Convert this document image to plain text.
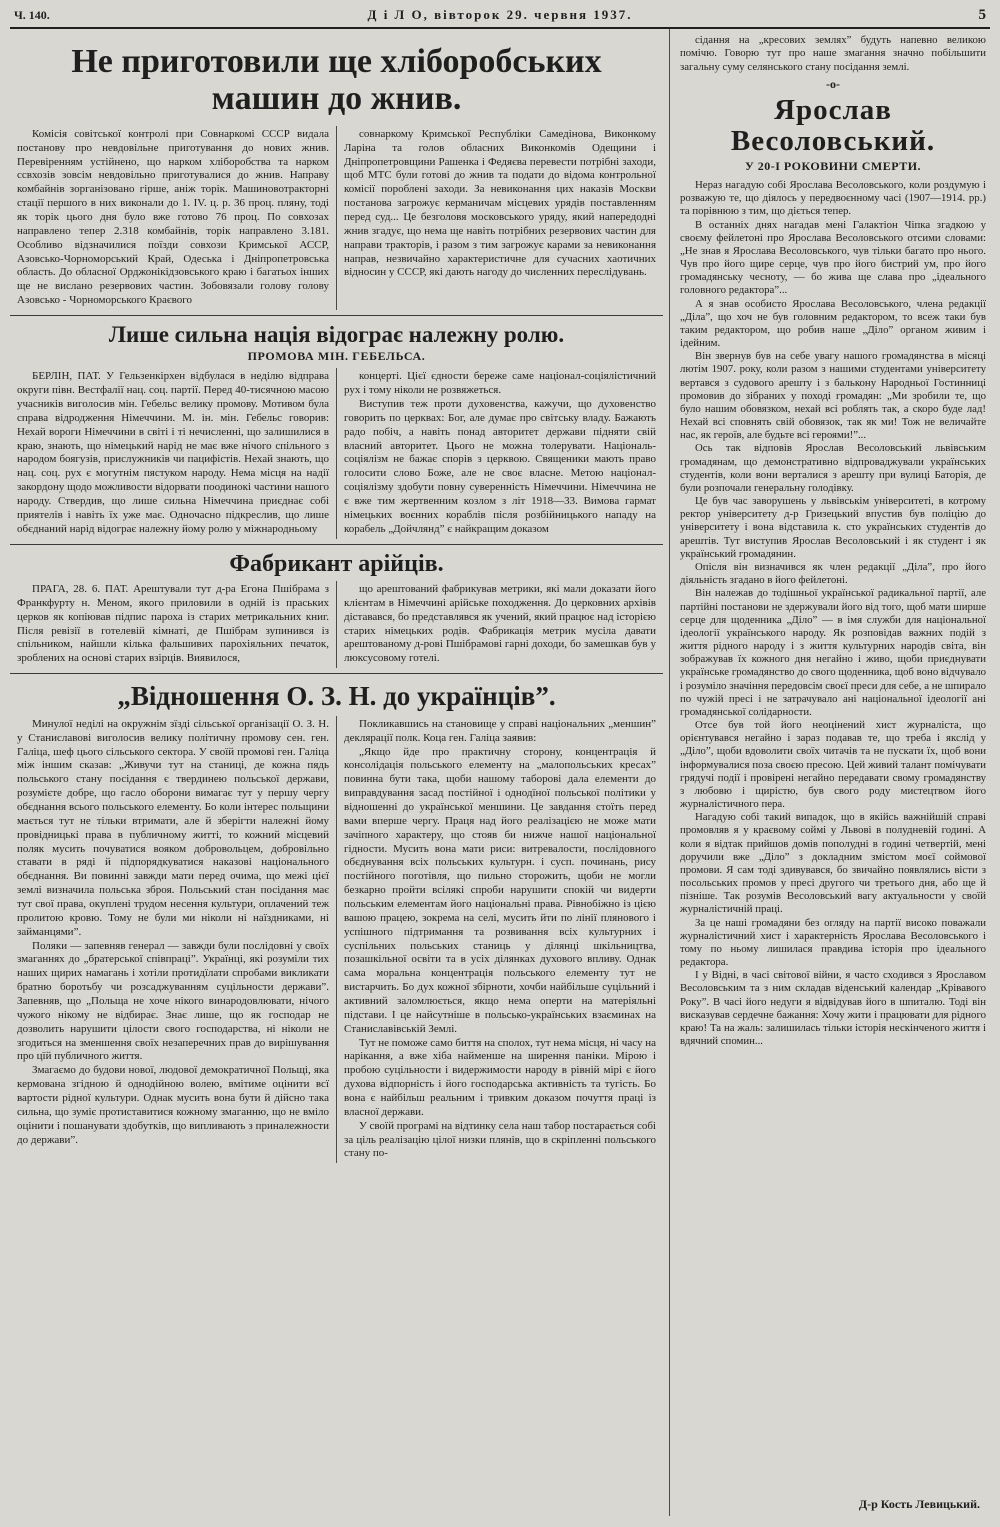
Ч. 140.	Д і Л О, вівторок 29. червня 1937.	5
Не приготовили ще хліборобських машин до жнив.

Комісія совітської контролі при Совнаркомі СССР видала постанову про невдовільне приготування до нових жнив. Перевіренням устійнено, що нарком хліборобства та нарком ссвхозів зовсім невдовільно приготувалися до жнив. Направу комбайнів зорганізовано гірше, аніж торік. Машиновотракторні стації першого в них виконали до 1. IV. ц. р. 36 проц. пляну, тоді як торік цього дня було вже готово 76 проц. По совхозах направлено тепер 2.318 комбайнів, торік направлено 3.181. Особливо відзначилися поїзди совхози Кримської АССР, Азовсько-Чорноморський Край, Одеська і Дніпропетровська область. До обласної Орджонікідзовського краю і багатьох інших ще не вислано резервових частин. Зобовязали голову голову Азовсько - Чорноморського Краєвого

совнаркому Кримської Республіки Самедінова, Виконкому Ларіна та голов обласних Виконкомів Одещини і Дніпропетровщини Рашенка і Федяєва перевести потрібні заходи, щоб МТС були готові до жнив та подати до відома контрольної комісії пороблені заходи. За невиконання цих наказів Москви постанова загрожує керманичам місцевих урядів поставленням перед суд... Це безголовя московського уряду, який напередодні жнив згадує, що нема ще навіть потрібних резервових частин для направи тракторів, і разом з тим загрожує карами за невиконання направ, незвичайно характеристичне для сучасних хаотичних відносин у СССР, які дають нагоду до численних переслідувань.

Лише сильна нація відограє належну ролю.
ПРОМОВА МІН. ГЕБЕЛЬСА.

БЕРЛІН, ПАТ. У Гельзенкірхен відбулася в неділю відправа округи півн. Вестфалії нац. соц. партії. Перед 40-тисячною масою учасників виголосив мін. Гебельс велику промову. Мотивом була справа відродження Німеччини. М. ін. мін. Гебельс говорив: Нехай вороги Німеччини в світі і ті нечисленні, що залишилися в краю, знають, що німецький нарід не має вже нічого спільного з народом боягузів, прислужників чи пацифістів. Нехай знають, що нац. соц. рух є могутнім пястуком народу. Нема місця на надії закордону щодо можливости відорвати поодинокі частини нашого народу. Ствердив, що лише сильна Німеччина приєднає собі приятелів і навіть їх уже має. Одночасно підкреслив, що лише обєднаний нарід відограє належну йому ролю у міжнародньому

концерті. Цієї єдности береже саме націонал-соціялістичний рух і тому ніколи не розвяжеться.

Виступив теж проти духовенства, кажучи, що духовенство говорить по церквах: Бог, але думає про світську владу. Бажають радо побіч, а навіть понад авторитет держави підняти свій власний авторитет. Цього не можна толерувати. Національ-соціялізм не бажає спорів з церквою. Священики мають право голосити слово Боже, але не своє власне. Метою націонал-соціялізму здобути повну суверенність Німеччини. Німеччина не є вже тим жертвенним козлом з літ 1918—33. Вимова гармат німецьких воєнних кораблів після розбійницького нападу на корабель „Дойчлянд” є найкращим доказом

Фабрикант арійців.

ПРАГА, 28. 6. ПАТ. Арештували тут д-ра Егона Пшібрама з Франкфурту н. Меном, якого приловили в одній із праських церков як копіював підпис пароха із старих метрикальних книг. Після ревізії в готелевій кімнаті, де Пшібрам зупинився із спільником, найшли кілька фальшивих парохіяльних печаток, зроблених на основі старих взірців. Виявилося,

що арештований фабрикував метрики, які мали доказати його клієнтам в Німеччині арійське походження. До церковних архівів діставався, бо представлявся як учений, який працює над історією старих німецьких родів. Фабрикація метрик мусіла давати арештованому д-рові Пшібрамові гарні доходи, бо замешкав був у люксусовому готелі.

„Відношення О. З. Н. до українців”.

Минулої неділі на окружнім зїзді сільської організації О. З. Н. у Станиславові виголосив велику політичну промову сен. ген. Галіца, шеф цього сільського сектора. У своїй промові ген. Галіца між іншим сказав: „Живучи тут на станиці, де кожна пядь польського стану посідання є твердинею польської держави, розумієте добре, що гасло оборони вимагає тут у першу чергу обєднання всього польського елементу. Бо коли інтерес польщини мається тут не тільки втримати, але й зберігти належні йому провідницькі права в публичному житті, то кожний місцевий поляк мусить почуватися вояком добровольцем, добровільно ставати в ряді й підпорядкуватися наказові національного обєднання. Ви повинні завжди мати перед очима, що межі цієї землі визначила польська зброя. Польський стан посідання має тут свої права, окуплені трудом несення культури, оплачений теж пролитою кровю. Тому не були ми ніколи ні наїздниками, ні займанцями”.

Поляки — запевняв генерал — завжди були послідовні у своїх змаганнях до „братерської співпраці”. Українці, які розуміли тих наших щирих намагань і хотіли протидїлати спробами викликати братню боротьбу чи розсаджуванням суцільности держави”. Запевняв, що „Польща не хоче нікого винародовлювати, нічого чужого нікому не відбирає. Знає лише, що як господар не дозволить нарушити цілости свого господарства, ні ніколи не згодиться на зменшення своїх незаперечних прав до вирішування про цїй публичного життя.

Змагаємо до будови нової, людової демократичної Польщі, яка кермована згідною й однодійною волею, вмітиме оцінити всї вартости рідної культури. Однак мусить вона бути й дійсно така сильна, що зуміє протиставитися кожному змаганню, що не вміло оцінити і пошанувати здобутків, що випливають з приналежности до держави”.

Покликавшись на становище у справі національних „меншин” деклярації полк. Коца ген. Галіца заявив:

„Якщо йде про практичну сторону, концентрація й консолідація польського елементу на „малопольських кресах” повинна бути така, щоби нашому таборові дала елементи до виправдування засад постійної і однодїної польської політики у відношенні до української меншини. Це завдання стоїть перед вами вперше чергу. Праця над його реалізацією не може мати зачіпного характеру, що стояв би нижче нашої національної гідности. Мусить вона мати риси: витревалости, послідовного обєднування всіх польських культурн. і сусп. починань, рису постійного поготівля, що пильно сторожить, щоби не могли безкарно пройти всілякі спроби нарушити спокій чи видерти польським елементам його національні права. Рівнобіжно із цією вашою працею, зокрема на селі, мусить йти по лінії плянового і успішного підтримання та розвивання всіх культурних і суспільних польських станиць у ділянці шкільництва, позашкільної освіти та в усіх ділянках духового впливу. Однак сама моральна концентрація польського елементу тут не вистарчить. Бо дух кожної збірноти, хочби найбільше суцільний і активний заломлюється, якщо нема оперти на матеріяльні підстави. І це найсутніше в польсько-українських взаєминах на Станиславівській Землі.

Тут не поможе само биття на сполох, тут нема місця, ні часу на нарікання, а вже хіба найменше на ширення паніки. Мірою і пробою суцільности і видержимости народу в рівній мірі є його духова відпорність і його господарська активність та тугість. Бо вона є найбільш реальним і тривким доказом почуття праці із власної держави.

У своїй програмі на відтинку села наш табор постарається собі за ціль реалізацію цілої низки плянів, що в скріпленні польського стану по-

сідання на „кресових землях” будуть напевно великою помічю. Говорю тут про наше змагання значно побільшити загальну суму селянського стану посідання землі.

-о-
Ярослав Весоловський.
У 20-І РОКОВИНИ СМЕРТИ.

Нераз нагадую собі Ярослава Весоловського, коли роздумую і розважую те, що діялось у передвоєнному часі (1907—1914. рр.) та порівнюю з тим, що діється тепер.

В останніх днях нагадав мені Галактіон Чіпка згадкою у своєму фейлетоні про Ярослава Весоловського отсими словами: „Не знав я Ярослава Весоловського, чув тільки багато про нього. Чув про його щире серце, чув про його бистрий ум, про його громадянську чесноту, — бо жива ще слава про „ідеального головного редактора”...

А я знав особисто Ярослава Весоловського, члена редакції „Діла”, що хоч не був головним редактором, то всеж таки був таким редактором, що робив наше „Діло” органом живим і ідейним.

Він звернув був на себе увагу нашого громадянства в місяці лютім 1907. року, коли разом з нашими студентами університету вертався з судового арешту і з балькону Народньої Гостинниці промовив до зібраних у поході громадян: „Ми зробили те, що було нашим обовязком, нехай всі роблять так, а скоро буде лад! Нехай всі сповнять свій обовязок, так як ми! Тож не величайте нас, як героїв, але будьте всі героями!”...

Ось так відповів Ярослав Весоловський львівським громадянам, що демонстративно відпроваджували українських студентів, коли вони верталися з арешту при вулиці Баторія, де були розпочали генеральну голодівку.

Це був час заворушень у львівськім університеті, в котрому ректор університету д-р Гризецький впустив був поліцію до університету і вона відставила к. сто українських студентів до арештів. Тут виступив Ярослав Весоловський і як студент і як український громадянин.

Опісля він визначився як член редакції „Діла”, про його діяльність згадано в його фейлетоні.

Він належав до тодішньої української радикальної партії, але партійні постанови не здержували його від того, щоб мати ширше серце для щоденника „Діло” — в імя служби для національної ідеології українського народу. Як розповідав важних подій з життя рідного народу і з життя культурних народів світа, він зображував їх кожного дня негайно і живо, щоби приєднувати українське громадянство до свого щоденника, щоб воно відчувало і розуміло значіння передовсім своєї преси для себе, а не шпирало по чужій пресі і не затрачувало ані національної ідеології ані громадянської солідарности.

Отсе був той його неоцінений хист журналіста, що орієнтувався негайно і зараз подавав те, що треба і якслід у „Діло”, щоби вдоволити своїх читачів та не пускати їх, щоб вони інформувалися поза своєю пресою. Цей живий талант помічувати грядучі події і провірені негайно передавати свому громадянству з любовю і щирістю, був свого роду мистецтвом його журналістичного пера.

Нагадую собі такий випадок, що в якійсь важнійшій справі промовляв я у краєвому соймі у Львові в полудневій годині. А коли я відтак прийшов домів пополудні в годині четвертій, мені доручили вже „Діло” з докладним змістом моєї соймової промови. Я сам тоді здивувався, бо звичайно появлялись вісти з посольських промов у пресі другого чи третього дня, або ще й пізніше. Так розумів Весоловський вагу актуальности у своїй журналістичній праці.

За це наші громадяни без огляду на партії високо поважали журналістичний хист і характерність Ярослава Весоловського і тому по ньому лишилася правдива історія про ідеального редактора.

І у Відні, в часі світової війни, я часто сходився з Ярославом Весоловським та з ним складав віденський календар „Крівавого Року”. В часі його недуги я відвідував його в шпиталю. Тоді він висказував сердечне бажання: Хочу жити і працювати для рідного краю! Та на жаль: залишилась тільки історія нескінченого життя і вдячний спомин...

Д-р Кость Левицький.
